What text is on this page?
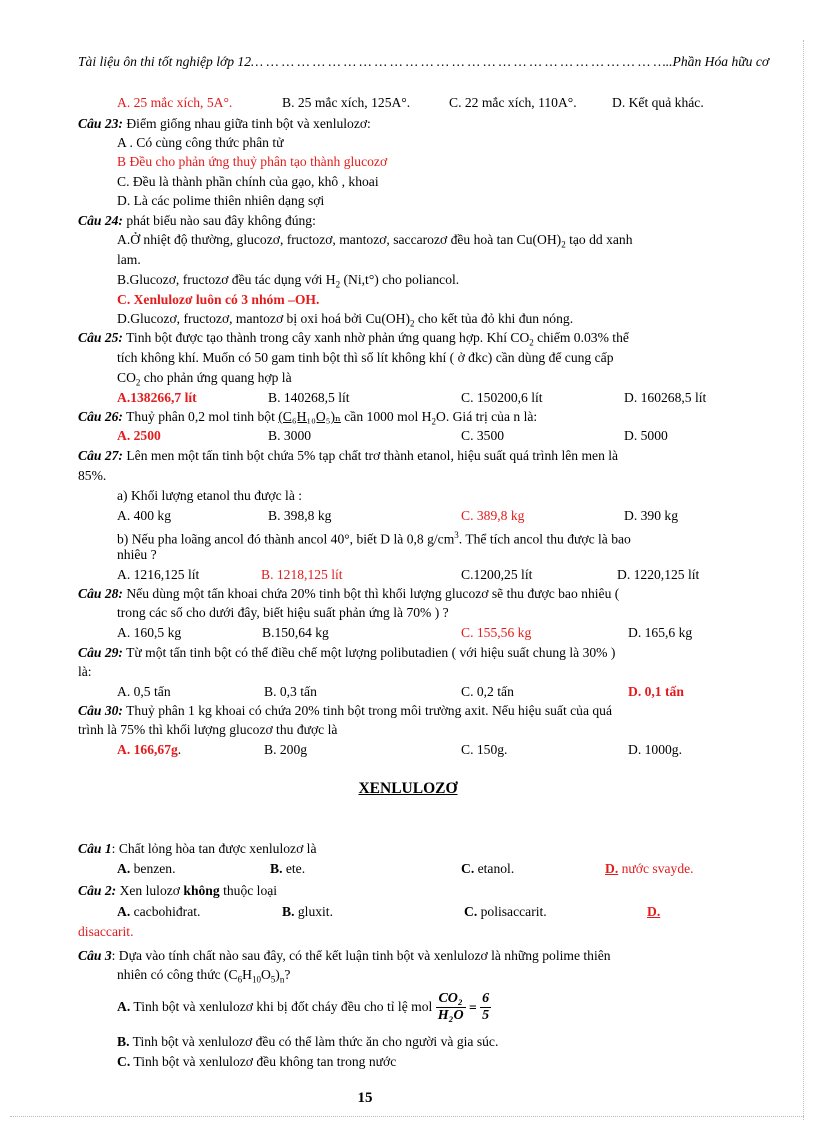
Tài liệu ôn thi tốt nghiệp lớp 12… … … … … … … … … … … … … … … … … … … … … … … … … … …..Phần Hóa hữu cơ
A. 25 mắc xích, 5A°.	B. 25 mắc xích, 125A°.	C. 22 mắc xích, 110A°.	D. Kết quả khác.
Câu 23: Điểm giống nhau giữa tinh bột và xenlulozơ:
A . Có cùng công thức phân tử
B Đều cho phản ứng thuỷ phân tạo thành glucozơ
C. Đều là thành phần chính của gạo, khô , khoai
D. Là các polime thiên nhiên dạng sợi
Câu 24: phát biểu nào sau đây không đúng:
A.Ở nhiệt độ thường, glucozơ, fructozơ, mantozơ, saccarozơ đều hoà $\tan Cu(OH)_2$ tạo dd xanh
lam.
B.Glucozơ, fructozơ đều tác dụng với $H_2$ (Ni,t°) cho poliancol.
C. Xenlulozơ luôn có 3 nhóm –OH.
D.Glucozơ, fructozơ, mantozơ bị oxi hoá bởi $Cu(OH)_2$ cho kết tủa đỏ khi đun nóng.
Câu 25: Tinh bột được tạo thành trong cây xanh nhờ phản ứng quang hợp. Khí $CO_2$ chiếm 0.03% thể
tích không khí. Muốn có 50 gam tinh bột thì số lít không khí ( ở đkc) cần dùng để cung cấp
$CO_2$ cho phản ứng quang hợp là
A.138266,7 lít	B. 140268,5 lít	C. 150200,6 lít	D. 160268,5 lít
Câu 26: Thuỷ phân 0,2 mol tinh bột (C₆H₁₀O₅)ₙ cần 1000 mol $H_2O$. Giá trị của n là:
A. 2500	B. 3000	C. 3500	D. 5000
Câu 27: Lên men một tấn tinh bột chứa 5% tạp chất trơ thành etanol, hiệu suất quá trình lên men là
85%.
a) Khối lượng etanol thu được là :
A. 400 kg	B. 398,8 kg	C. 389,8 kg	D. 390 kg
b) Nếu pha loãng ancol đó thành ancol 40°, biết D là 0,8 $g/cm^3$. Thể tích ancol thu được là bao
nhiêu ?
A. 1216,125 lít	B. 1218,125 lít	C.1200,25 lít	D. 1220,125 lít
Câu 28: Nếu dùng một tấn khoai chứa 20% tinh bột thì khối lượng glucozơ sẽ thu được bao nhiêu (
trong các số cho dưới đây, biết hiệu suất phản ứng là 70% ) ?
A. 160,5 kg	B.150,64 kg	C. 155,56 kg	D. 165,6 kg
Câu 29: Từ một tấn tinh bột có thể điều chế một lượng polibutadien ( với hiệu suất chung là 30% )
là:
A. 0,5 tấn	B. 0,3 tấn	C. 0,2 tấn	D. 0,1 tấn
Câu 30: Thuỷ phân 1 kg khoai có chứa 20% tinh bột trong môi trường axit. Nếu hiệu suất của quá
trình là 75% thì khối lượng glucozơ thu được là
A. 166,67g.	B. 200g	C. 150g.	D. 1000g.
XENLULOZƠ
Câu 1: Chất lỏng hòa tan được xenlulozơ là
A. benzen.	B. ete.	C. etanol.	D. nước svayde.
Câu 2: Xen lulozơ không thuộc loại
A. cacbohiđrat.	B. gluxit.	C. polisaccarit.	D.
disaccarit.
Câu 3: Dựa vào tính chất nào sau đây, có thể kết luận tinh bột và xenlulozơ là những polime thiên
nhiên có công thức $(C_6H_{10}O_5)_n$?
A. Tinh bột và xenlulozơ khi bị đốt cháy đều cho tỉ lệ mol $\frac{\text{CO₂}}{\text{H₂O}} = \frac{6}{5}$
B. Tinh bột và xenlulozơ đều có thể làm thức ăn cho người và gia súc.
C. Tinh bột và xenlulozơ đều không tan trong nước
15
